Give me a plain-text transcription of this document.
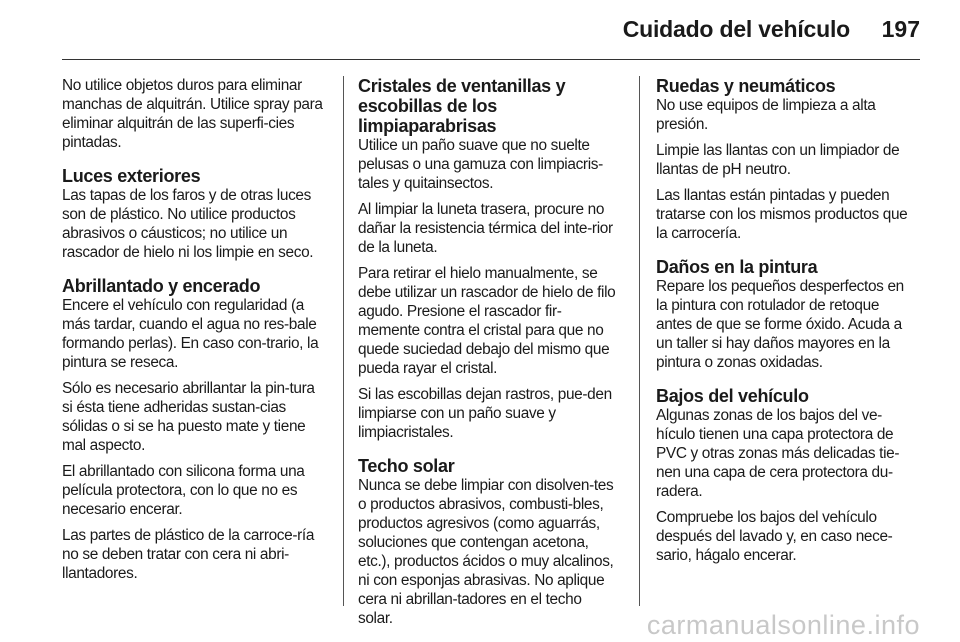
Cuidado del vehículo 197

No utilice objetos duros para eliminar manchas de alquitrán. Utilice spray para eliminar alquitrán de las superfi-cies pintadas.

Luces exteriores

Las tapas de los faros y de otras luces son de plástico. No utilice productos abrasivos o cáusticos; no utilice un rascador de hielo ni los limpie en seco.

Abrillantado y encerado

Encere el vehículo con regularidad (a más tardar, cuando el agua no res-bale formando perlas). En caso con-trario, la pintura se reseca.

Sólo es necesario abrillantar la pin-tura si ésta tiene adheridas sustan-cias sólidas o si se ha puesto mate y tiene mal aspecto.

El abrillantado con silicona forma una película protectora, con lo que no es necesario encerar.

Las partes de plástico de la carroce-ría no se deben tratar con cera ni abri-llantadores.

Cristales de ventanillas y escobillas de los limpiaparabrisas

Utilice un paño suave que no suelte pelusas o una gamuza con limpiacris-tales y quitainsectos.

Al limpiar la luneta trasera, procure no dañar la resistencia térmica del inte-rior de la luneta.

Para retirar el hielo manualmente, se debe utilizar un rascador de hielo de filo agudo. Presione el rascador fir-memente contra el cristal para que no quede suciedad debajo del mismo que pueda rayar el cristal.

Si las escobillas dejan rastros, pue-den limpiarse con un paño suave y limpiacristales.

Techo solar

Nunca se debe limpiar con disolven-tes o productos abrasivos, combusti-bles, productos agresivos (como aguarrás, soluciones que contengan acetona, etc.), productos ácidos o muy alcalinos, ni con esponjas abrasivas. No aplique cera ni abrillan-tadores en el techo solar.

Ruedas y neumáticos

No use equipos de limpieza a alta presión.

Limpie las llantas con un limpiador de llantas de pH neutro.

Las llantas están pintadas y pueden tratarse con los mismos productos que la carrocería.

Daños en la pintura

Repare los pequeños desperfectos en la pintura con rotulador de retoque antes de que se forme óxido. Acuda a un taller si hay daños mayores en la pintura o zonas oxidadas.

Bajos del vehículo

Algunas zonas de los bajos del ve-hículo tienen una capa protectora de PVC y otras zonas más delicadas tie-nen una capa de cera protectora du-radera.

Compruebe los bajos del vehículo después del lavado y, en caso nece-sario, hágalo encerar.

carmanualsonline.info
